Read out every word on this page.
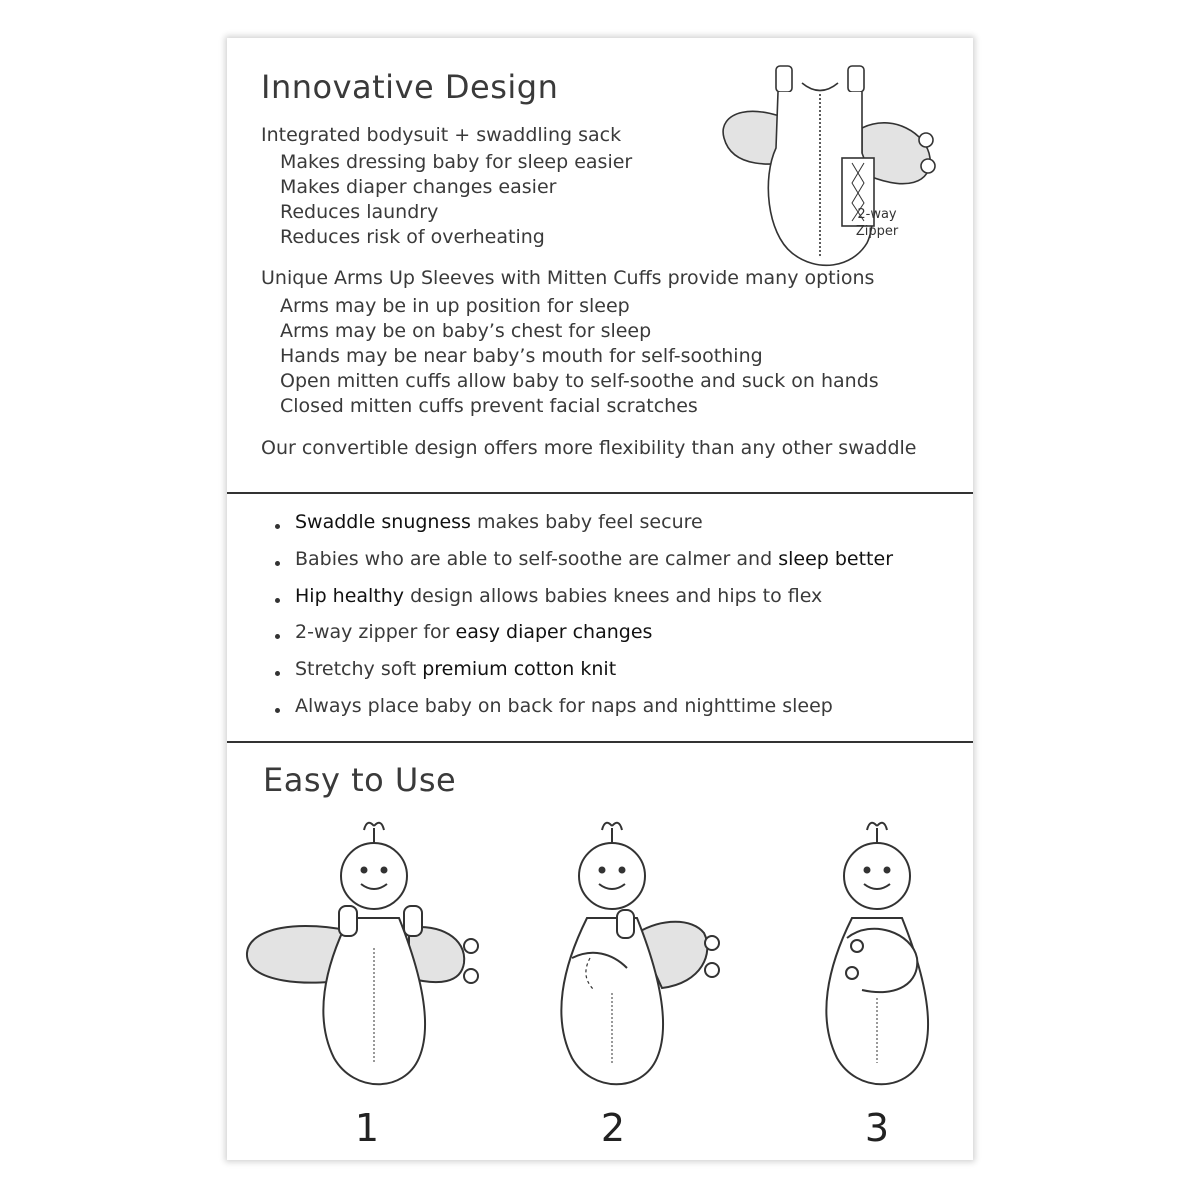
Innovative Design
Integrated bodysuit + swaddling sack
Makes dressing baby for sleep easier
Makes diaper changes easier
Reduces laundry
Reduces risk of overheating
Unique Arms Up Sleeves with Mitten Cuffs provide many options
Arms may be in up position for sleep
Arms may be on baby’s chest for sleep
Hands may be near baby’s mouth for self-soothing
Open mitten cuffs allow baby to self-soothe and suck on hands
Closed mitten cuffs prevent facial scratches
Our convertible design offers more flexibility than any other swaddle
2-way
Zipper
Swaddle snugness makes baby feel secure
Babies who are able to self-soothe are calmer and sleep better
Hip healthy design allows babies knees and hips to flex
2-way zipper for easy diaper changes
Stretchy soft premium cotton knit
Always place baby on back for naps and nighttime sleep
Easy to Use
1	2	3
